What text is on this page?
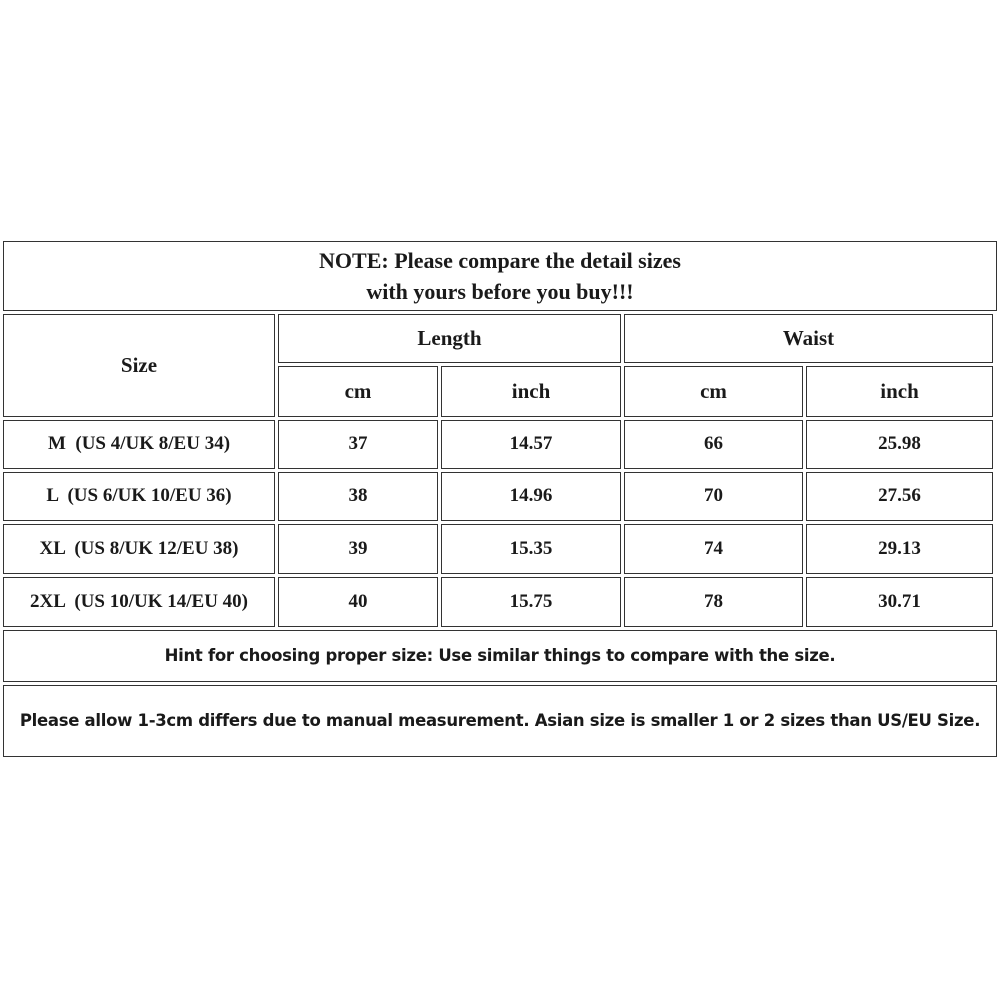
NOTE: Please compare the detail sizes
with yours before you buy!!!
Size
Length	Waist
cm	inch	cm	inch
M  (US 4/UK 8/EU 34)	37	14.57	66	25.98
L  (US 6/UK 10/EU 36)	38	14.96	70	27.56
XL  (US 8/UK 12/EU 38)	39	15.35	74	29.13
2XL  (US 10/UK 14/EU 40)	40	15.75	78	30.71
Hint for choosing proper size: Use similar things to compare with the size.
Please allow 1-3cm differs due to manual measurement. Asian size is smaller 1 or 2 sizes than US/EU Size.
